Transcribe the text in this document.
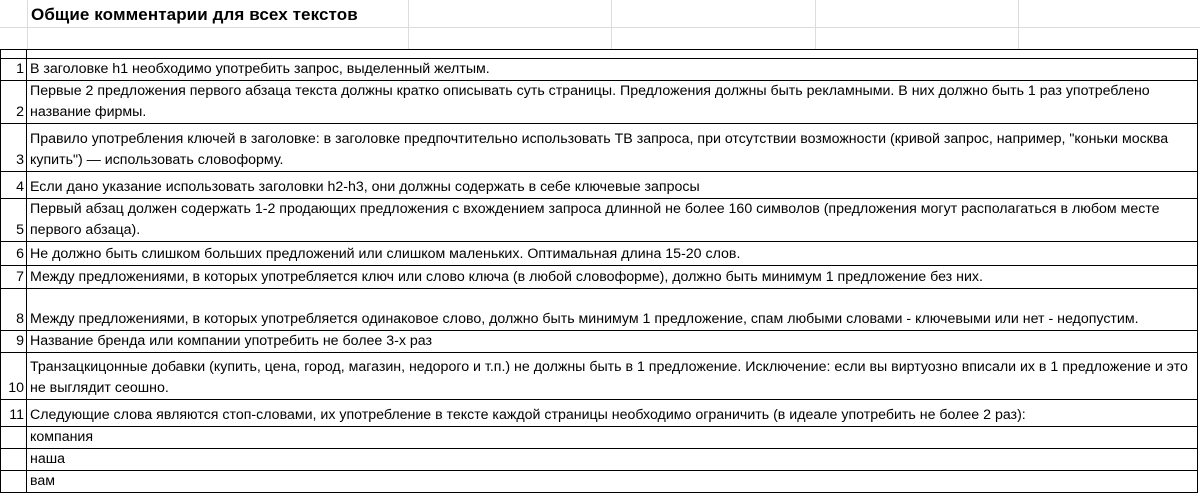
Общие комментарии для всех текстов

1	В заголовке h1 необходимо употребить запрос, выделенный желтым.
2	Первые 2 предложения первого абзаца текста должны кратко описывать суть страницы. Предложения должны быть рекламными. В них должно быть 1 раз употреблено название фирмы.
3	Правило употребления ключей в заголовке: в заголовке предпочтительно использовать ТВ запроса, при отсутствии возможности (кривой запрос, например, "коньки москва купить") — использовать словоформу.
4	Если дано указание использовать заголовки h2-h3, они должны содержать в себе ключевые запросы
5	Первый абзац должен содержать 1-2 продающих предложения с вхождением запроса длинной не более 160 символов (предложения могут располагаться в любом месте первого абзаца).
6	Не должно быть слишком больших предложений или слишком маленьких. Оптимальная длина 15-20 слов.
7	Между предложениями, в которых употребляется ключ или слово ключа (в любой словоформе), должно быть минимум 1 предложение без них.
8	Между предложениями, в которых употребляется одинаковое слово, должно быть минимум 1 предложение, спам любыми словами - ключевыми или нет - недопустим.
9	Название бренда или компании употребить не более 3-х раз
10	Транзацкицонные добавки (купить, цена, город, магазин, недорого и т.п.) не должны быть в 1 предложение. Исключение: если вы виртуозно вписали их в 1 предложение и это не выглядит сеошно.
11	Следующие слова являются стоп-словами, их употребление в тексте каждой страницы необходимо ограничить (в идеале употребить не более 2 раз):
	компания
	наша
	вам
